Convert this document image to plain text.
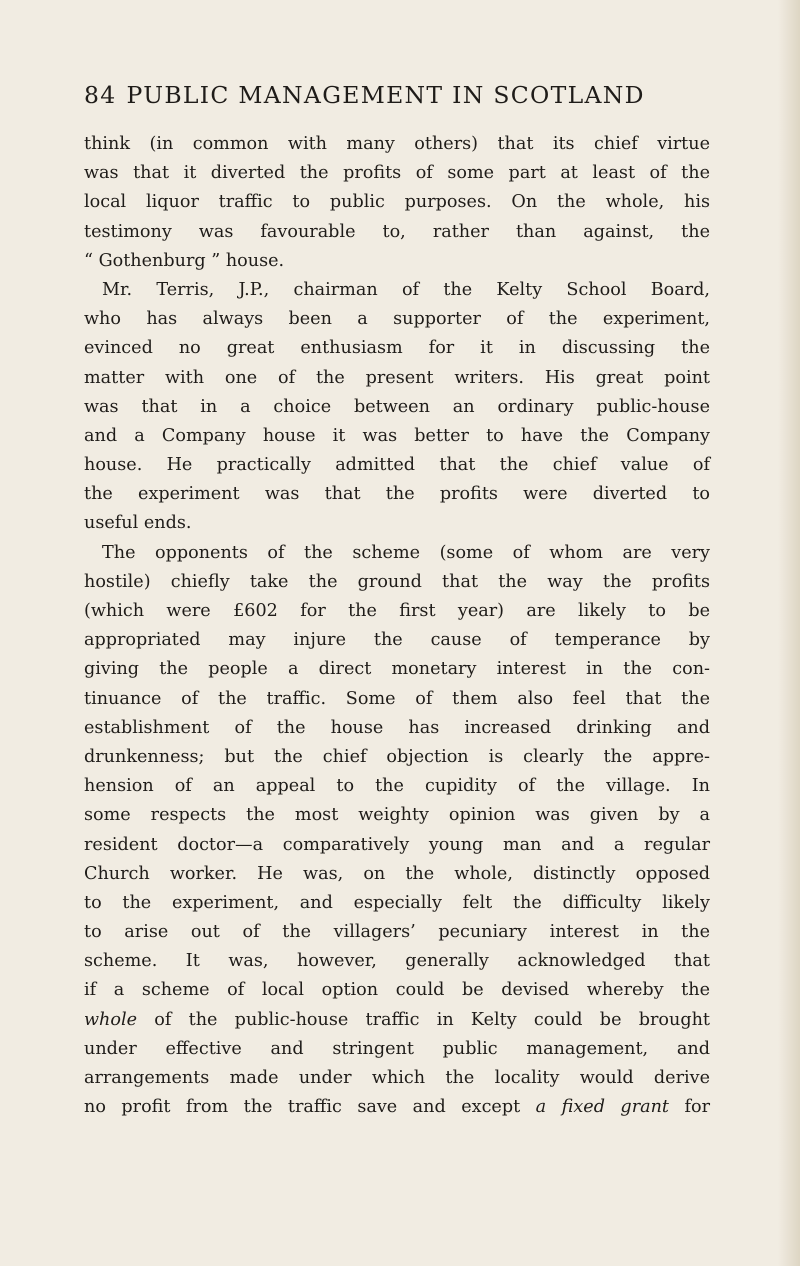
84 PUBLIC MANAGEMENT IN SCOTLAND
think (in common with many others) that its chief virtue
was that it diverted the profits of some part at least of the
local liquor traffic to public purposes. On the whole, his
testimony was favourable to, rather than against, the
“ Gothenburg ” house.
Mr. Terris, J.P., chairman of the Kelty School Board,
who has always been a supporter of the experiment,
evinced no great enthusiasm for it in discussing the
matter with one of the present writers. His great point
was that in a choice between an ordinary public-house
and a Company house it was better to have the Company
house. He practically admitted that the chief value of
the experiment was that the profits were diverted to
useful ends.
The opponents of the scheme (some of whom are very
hostile) chiefly take the ground that the way the profits
(which were £602 for the first year) are likely to be
appropriated may injure the cause of temperance by
giving the people a direct monetary interest in the con-
tinuance of the traffic. Some of them also feel that the
establishment of the house has increased drinking and
drunkenness; but the chief objection is clearly the appre-
hension of an appeal to the cupidity of the village. In
some respects the most weighty opinion was given by a
resident doctor—a comparatively young man and a regular
Church worker. He was, on the whole, distinctly opposed
to the experiment, and especially felt the difficulty likely
to arise out of the villagers’ pecuniary interest in the
scheme. It was, however, generally acknowledged that
if a scheme of local option could be devised whereby the
whole of the public-house traffic in Kelty could be brought
under effective and stringent public management, and
arrangements made under which the locality would derive
no profit from the traffic save and except a fixed grant for
